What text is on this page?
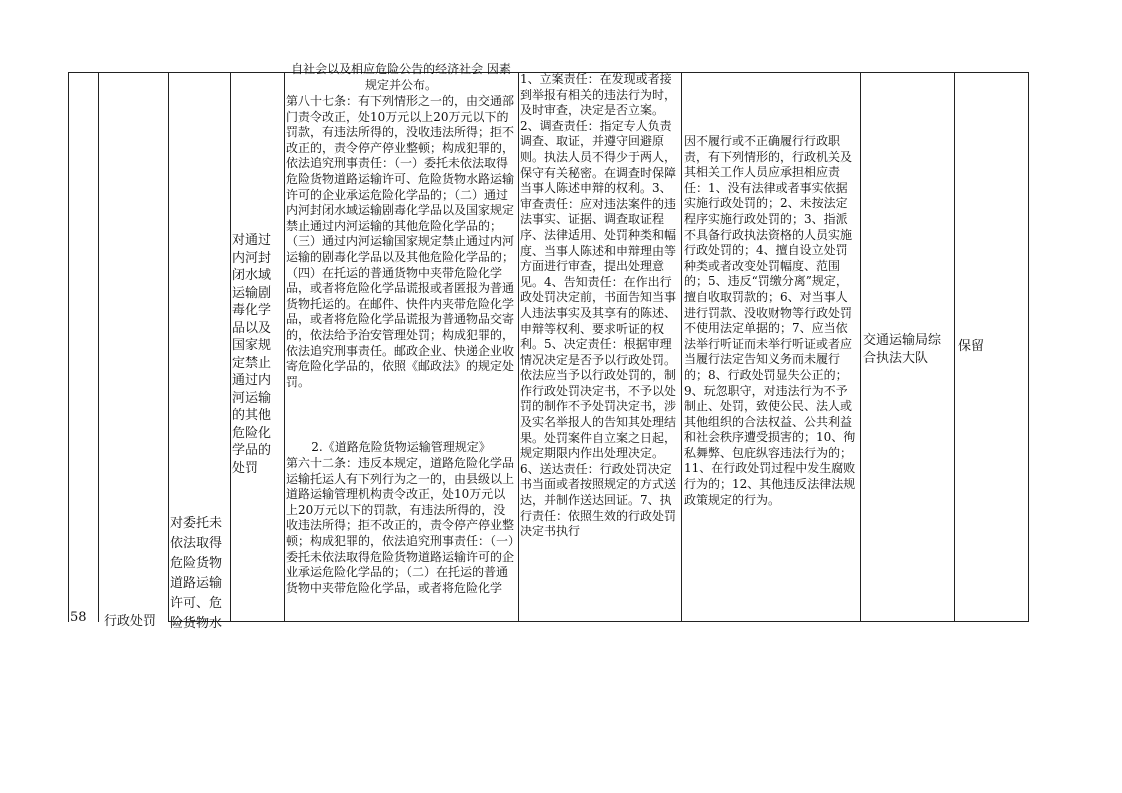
58	行政处罚
对委托未依法取得危险货物道路运输许可、危险货物水
对通过内河封闭水域运输剧毒化学品以及国家规定禁止通过内河运输的其他危险化学品的处罚
自社会以及相应危险公告的经济社会 因素规定并公布。
第八十七条：有下列情形之一的，由交通部门责令改正，处10万元以上20万元以下的罚款，有违法所得的，没收违法所得；拒不改正的，责令停产停业整顿；构成犯罪的，依法追究刑事责任：（一）委托未依法取得危险货物道路运输许可、危险货物水路运输许可的企业承运危险化学品的；（二）通过内河封闭水域运输剧毒化学品以及国家规定禁止通过内河运输的其他危险化学品的；（三）通过内河运输国家规定禁止通过内河运输的剧毒化学品以及其他危险化学品的；（四）在托运的普通货物中夹带危险化学品，或者将危险化学品谎报或者匿报为普通货物托运的。在邮件、快件内夹带危险化学品，或者将危险化学品谎报为普通物品交寄的，依法给予治安管理处罚；构成犯罪的，依法追究刑事责任。邮政企业、快递企业收寄危险化学品的，依照《邮政法》的规定处罚。
2.《道路危险货物运输管理规定》
第六十二条：违反本规定，道路危险化学品运输托运人有下列行为之一的，由县级以上道路运输管理机构责令改正，处10万元以上20万元以下的罚款，有违法所得的，没收违法所得；拒不改正的，责令停产停业整顿；构成犯罪的，依法追究刑事责任：（一）委托未依法取得危险货物道路运输许可的企业承运危险化学品的；（二）在托运的普通货物中夹带危险化学品，或者将危险化学
1、立案责任：在发现或者接到举报有相关的违法行为时，及时审查，决定是否立案。2、调查责任：指定专人负责调查、取证，并遵守回避原则。执法人员不得少于两人，保守有关秘密。在调查时保障当事人陈述申辩的权利。3、审查责任：应对违法案件的违法事实、证据、调查取证程序、法律适用、处罚种类和幅度、当事人陈述和申辩理由等方面进行审查，提出处理意见。4、告知责任：在作出行政处罚决定前，书面告知当事人违法事实及其享有的陈述、申辩等权利、要求听证的权利。5、决定责任：根据审理情况决定是否予以行政处罚。依法应当予以行政处罚的，制作行政处罚决定书，不予以处罚的制作不予处罚决定书，涉及实名举报人的告知其处理结果。处罚案件自立案之日起，规定期限内作出处理决定。6、送达责任：行政处罚决定书当面或者按照规定的方式送达，并制作送达回证。7、执行责任：依照生效的行政处罚决定书执行
因不履行或不正确履行行政职责，有下列情形的，行政机关及其相关工作人员应承担相应责任：1、没有法律或者事实依据实施行政处罚的；2、未按法定程序实施行政处罚的；3、指派不具备行政执法资格的人员实施行政处罚的；4、擅自设立处罚种类或者改变处罚幅度、范围的；5、违反“罚缴分离”规定，擅自收取罚款的；6、对当事人进行罚款、没收财物等行政处罚不使用法定单据的；7、应当依法举行听证而未举行听证或者应当履行法定告知义务而未履行的；8、行政处罚显失公正的；9、玩忽职守，对违法行为不予制止、处罚，致使公民、法人或其他组织的合法权益、公共利益和社会秩序遭受损害的；10、徇私舞弊、包庇纵容违法行为的；11、在行政处罚过程中发生腐败行为的；12、其他违反法律法规政策规定的行为。
交通运输局综合执法大队
保留
